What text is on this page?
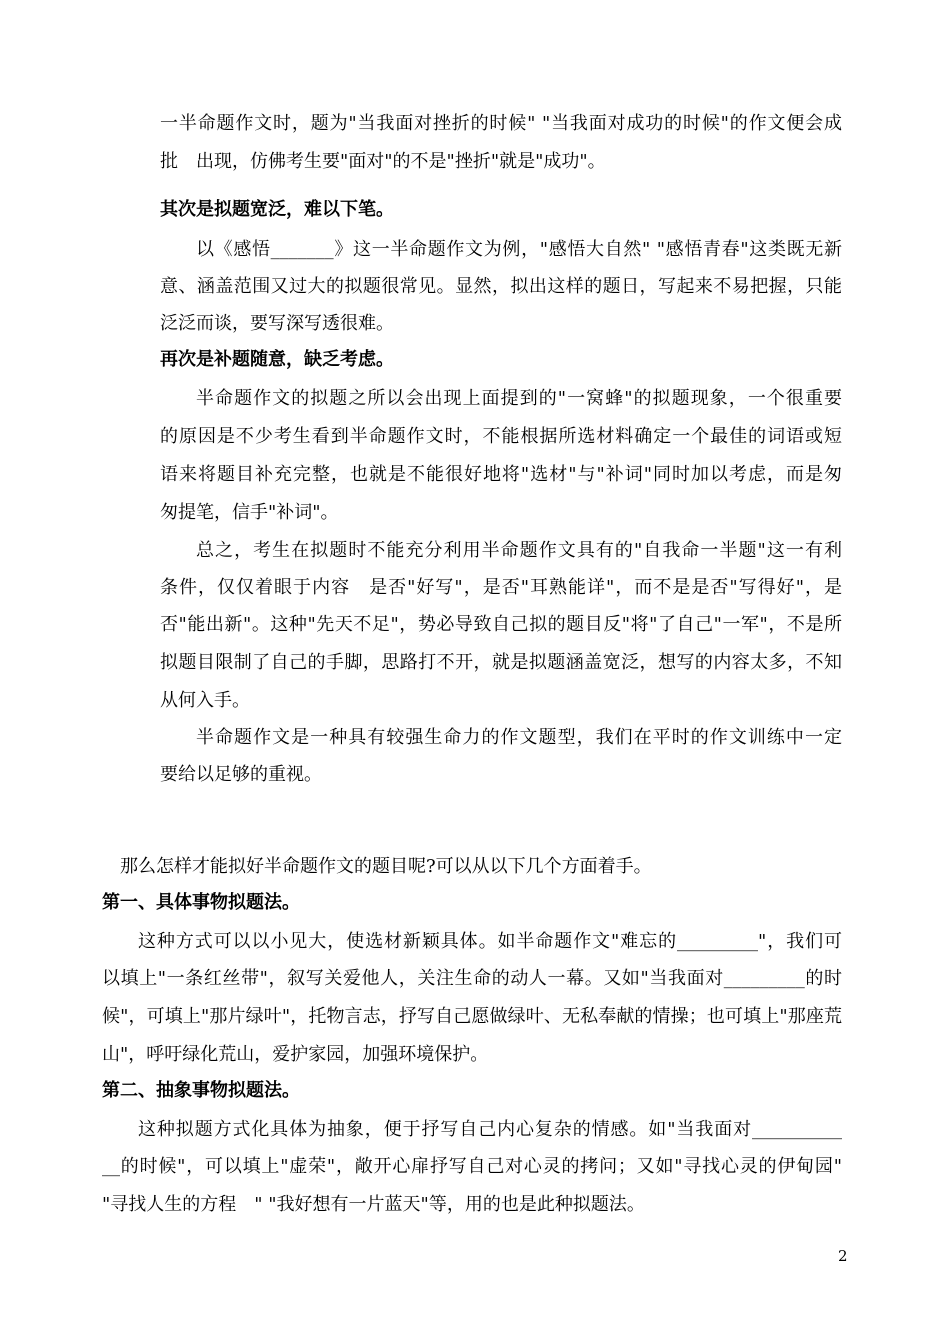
一半命题作文时，题为"当我面对挫折的时候" "当我面对成功的时候"的作文便会成

批　出现，仿佛考生要"面对"的不是"挫折"就是"成功"。

其次是拟题宽泛，难以下笔。

以《感悟_______》这一半命题作文为例，"感悟大自然" "感悟青春"这类既无新

意、涵盖范围又过大的拟题很常见。显然，拟出这样的题日，写起来不易把握，只能

泛泛而谈，要写深写透很难。

再次是补题随意，缺乏考虑。

半命题作文的拟题之所以会出现上面提到的"一窝蜂"的拟题现象，一个很重要

的原因是不少考生看到半命题作文时，不能根据所选材料确定一个最佳的词语或短

语来将题目补充完整，也就是不能很好地将"选材"与"补词"同时加以考虑，而是匆

匆提笔，信手"补词"。

总之，考生在拟题时不能充分利用半命题作文具有的"自我命一半题"这一有利

条件，仅仅着眼于内容　是否"好写"，是否"耳熟能详"，而不是是否"写得好"，是

否"能出新"。这种"先天不足"，势必导致自己拟的题目反"将"了自己"一军"，不是所

拟题目限制了自己的手脚，思路打不开，就是拟题涵盖宽泛，想写的内容太多，不知

从何入手。

半命题作文是一种具有较强生命力的作文题型，我们在平时的作文训练中一定

要给以足够的重视。

那么怎样才能拟好半命题作文的题目呢?可以从以下几个方面着手。

第一、具体事物拟题法。

这种方式可以以小见大，使选材新颖具体。如半命题作文"难忘的_________"，我们可

以填上"一条红丝带"，叙写关爱他人，关注生命的动人一幕。又如"当我面对_________的时

候"，可填上"那片绿叶"，托物言志，抒写自己愿做绿叶、无私奉献的情操；也可填上"那座荒

山"，呼吁绿化荒山，爱护家园，加强环境保护。

第二、抽象事物拟题法。

这种拟题方式化具体为抽象，便于抒写自己内心复杂的情感。如"当我面对__________

__的时候"，可以填上"虚荣"，敞开心扉抒写自己对心灵的拷问；又如"寻找心灵的伊甸园"

"寻找人生的方程　" "我好想有一片蓝天"等，用的也是此种拟题法。

2
